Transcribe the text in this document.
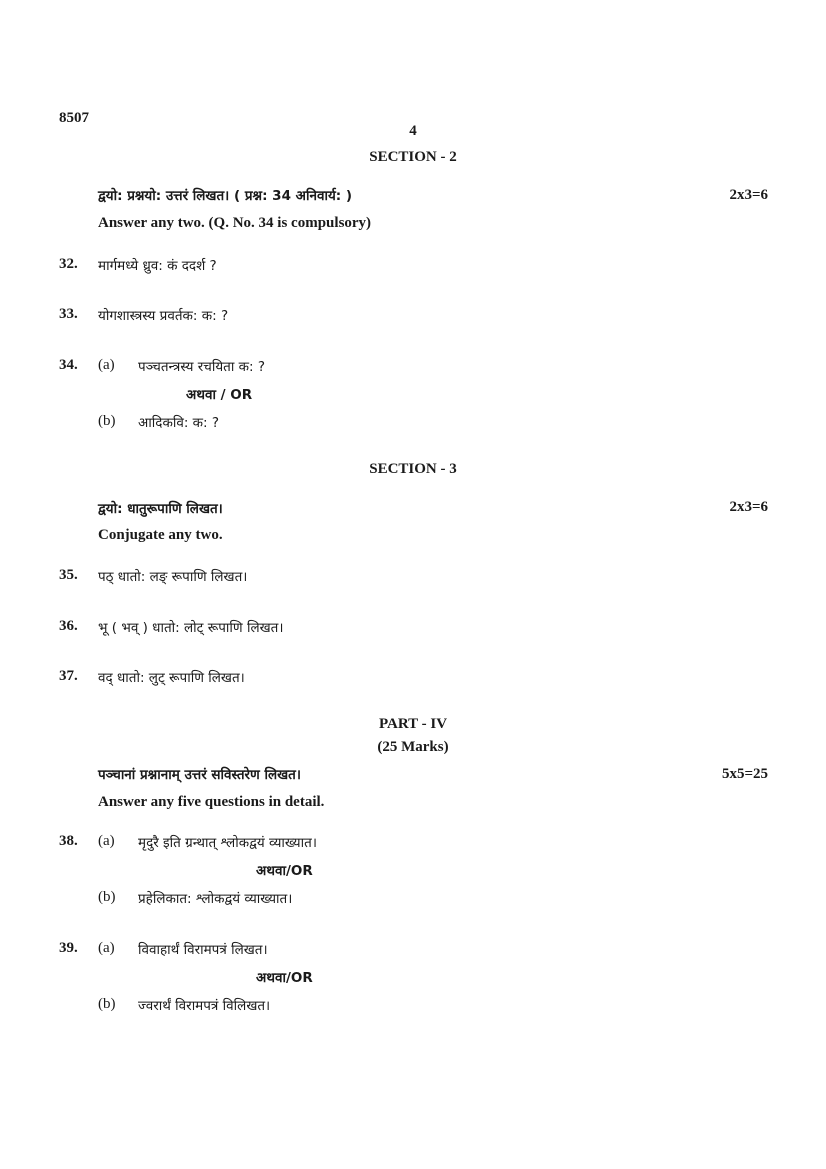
8507
4
SECTION - 2
द्वयो: प्रश्नयो: उत्तरं लिखत। ( प्रश्न: 34 अनिवार्य: )	2x3=6
Answer any two. (Q. No. 34 is compulsory)
32. मार्गमध्ये ध्रुव: कं ददर्श ?
33. योगशास्त्रस्य प्रवर्तक: क: ?
34. (a) पञ्चतन्त्रस्य रचयिता क: ?
अथवा / OR
(b) आदिकवि: क: ?
SECTION - 3
द्वयो: धातुरूपाणि लिखत।	2x3=6
Conjugate any two.
35. पठ् धातो: लङ् रूपाणि लिखत।
36. भू ( भव् ) धातो: लोट् रूपाणि लिखत।
37. वद् धातो: लुट् रूपाणि लिखत।
PART - IV
(25 Marks)
पञ्चानां प्रश्नानाम् उत्तरं सविस्तरेण लिखत।	5x5=25
Answer any five questions in detail.
38. (a) मृदुरै इति ग्रन्थात् श्लोकद्वयं व्याख्यात।
अथवा/OR
(b) प्रहेलिकात: श्लोकद्वयं व्याख्यात।
39. (a) विवाहार्थं विरामपत्रं लिखत।
अथवा/OR
(b) ज्वरार्थं विरामपत्रं विलिखत।
